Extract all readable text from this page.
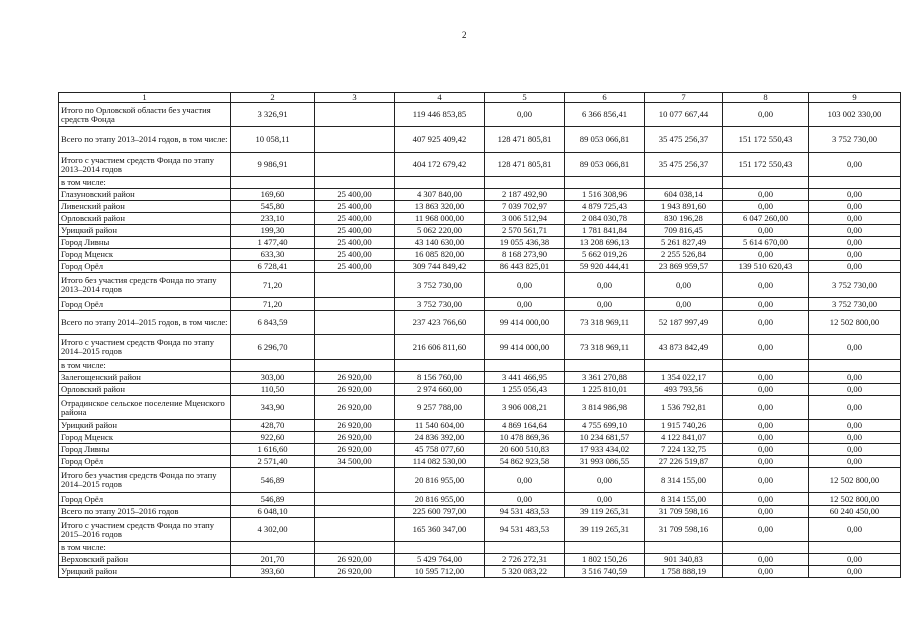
2
1	2	3	4	5	6	7	8	9
Итого по Орловской области без участия средств Фонда	3 326,91		119 446 853,85	0,00	6 366 856,41	10 077 667,44	0,00	103 002 330,00
Всего по этапу 2013–2014 годов, в том числе:	10 058,11		407 925 409,42	128 471 805,81	89 053 066,81	35 475 256,37	151 172 550,43	3 752 730,00
Итого с участием средств Фонда по этапу 2013–2014 годов	9 986,91		404 172 679,42	128 471 805,81	89 053 066,81	35 475 256,37	151 172 550,43	0,00
в том числе:								
Глазуновский район	169,60	25 400,00	4 307 840,00	2 187 492,90	1 516 308,96	604 038,14	0,00	0,00
Ливенский район	545,80	25 400,00	13 863 320,00	7 039 702,97	4 879 725,43	1 943 891,60	0,00	0,00
Орловский район	233,10	25 400,00	11 968 000,00	3 006 512,94	2 084 030,78	830 196,28	6 047 260,00	0,00
Урицкий район	199,30	25 400,00	5 062 220,00	2 570 561,71	1 781 841,84	709 816,45	0,00	0,00
Город Ливны	1 477,40	25 400,00	43 140 630,00	19 055 436,38	13 208 696,13	5 261 827,49	5 614 670,00	0,00
Город Мценск	633,30	25 400,00	16 085 820,00	8 168 273,90	5 662 019,26	2 255 526,84	0,00	0,00
Город Орёл	6 728,41	25 400,00	309 744 849,42	86 443 825,01	59 920 444,41	23 869 959,57	139 510 620,43	0,00
Итого без участия средств Фонда по этапу 2013–2014 годов	71,20		3 752 730,00	0,00	0,00	0,00	0,00	3 752 730,00
Город Орёл	71,20		3 752 730,00	0,00	0,00	0,00	0,00	3 752 730,00
Всего по этапу 2014–2015 годов, в том числе:	6 843,59		237 423 766,60	99 414 000,00	73 318 969,11	52 187 997,49	0,00	12 502 800,00
Итого с участием средств Фонда по этапу 2014–2015 годов	6 296,70		216 606 811,60	99 414 000,00	73 318 969,11	43 873 842,49	0,00	0,00
в том числе:								
Залегощенский район	303,00	26 920,00	8 156 760,00	3 441 466,95	3 361 270,88	1 354 022,17	0,00	0,00
Орловский район	110,50	26 920,00	2 974 660,00	1 255 056,43	1 225 810,01	493 793,56	0,00	0,00
Отрадинское сельское поселение Мценского района	343,90	26 920,00	9 257 788,00	3 906 008,21	3 814 986,98	1 536 792,81	0,00	0,00
Урицкий район	428,70	26 920,00	11 540 604,00	4 869 164,64	4 755 699,10	1 915 740,26	0,00	0,00
Город Мценск	922,60	26 920,00	24 836 392,00	10 478 869,36	10 234 681,57	4 122 841,07	0,00	0,00
Город Ливны	1 616,60	26 920,00	45 758 077,60	20 600 510,83	17 933 434,02	7 224 132,75	0,00	0,00
Город Орёл	2 571,40	34 500,00	114 082 530,00	54 862 923,58	31 993 086,55	27 226 519,87	0,00	0,00
Итого без участия средств Фонда по этапу 2014–2015 годов	546,89		20 816 955,00	0,00	0,00	8 314 155,00	0,00	12 502 800,00
Город Орёл	546,89		20 816 955,00	0,00	0,00	8 314 155,00	0,00	12 502 800,00
Всего по этапу 2015–2016 годов	6 048,10		225 600 797,00	94 531 483,53	39 119 265,31	31 709 598,16	0,00	60 240 450,00
Итого с участием средств Фонда по этапу 2015–2016 годов	4 302,00		165 360 347,00	94 531 483,53	39 119 265,31	31 709 598,16	0,00	0,00
в том числе:								
Верховский район	201,70	26 920,00	5 429 764,00	2 726 272,31	1 802 150,26	901 340,83	0,00	0,00
Урицкий район	393,60	26 920,00	10 595 712,00	5 320 083,22	3 516 740,59	1 758 888,19	0,00	0,00
